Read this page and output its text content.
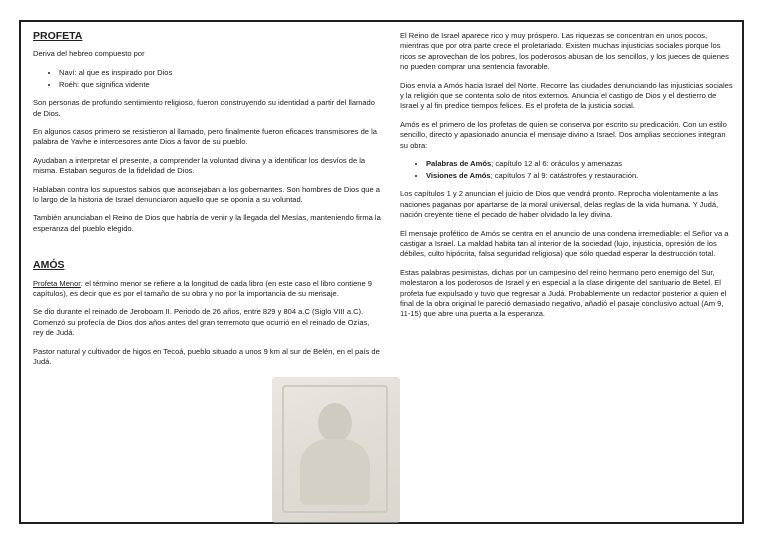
PROFETA

Deriva del hebreo compuesto por

• Naví: al que es inspirado por Dios
• Roéh: que significa vidente

Son personas de profundo sentimiento religioso, fueron construyendo su identidad a partir del llamado de Dios.

En algunos casos primero se resistieron al llamado, pero finalmente fueron eficaces transmisores de la palabra de Yavhe e intercesores ante Dios a favor de su pueblo.

Ayudaban a interpretar el presente, a comprender la voluntad divina y a identificar los desvíos de la misma. Estaban seguros de la fidelidad de Dios.

Hablaban contra los supuestos sabios que aconsejaban a los gobernantes. Son hombres de Dios que a lo largo de la historia de Israel denunciaron aquello que se oponía a su voluntad.

También anunciaban el Reino de Dios que habría de venir y la llegada del Mesías, manteniendo firma la esperanza del pueblo elegido.

AMÓS

Profeta Menor: el término menor se refiere a la longitud de cada libro (en este caso el libro contiene 9 capítulos), es decir que es por el tamaño de su obra y no por la importancia de su mensaje.

Se dio durante el reinado de Jeroboam II. Periodo de 26 años, entre 829 y 804 a.C (Siglo VIII a.C). Comenzó su profecía de Dios dos años antes del gran terremoto que ocurrió en el reinado de Ozías, rey de Judá.

Pastor natural y cultivador de higos en Tecoá, pueblo situado a unos 9 km al sur de Belén, en el país de Judá.

El Reino de Israel aparece rico y muy próspero. Las riquezas se concentran en unos pocos, mientras que por otra parte crece el proletariado. Existen muchas injusticias sociales porque los ricos se aprovechan de los pobres, los poderosos abusan de los sencillos, y los jueces de quienes no pueden comprar una sentencia favorable.

Dios envía a Amós hacia Israel del Norte. Recorre las ciudades denunciando las injusticias sociales y la religión que se contenta solo de ritos externos. Anuncia el castigo de Dios y el destierro de Israel y al fin predice tiempos felices. Es el profeta de la justicia social.

Amós es el primero de los profetas de quien se conserva por escrito su predicación. Con un estilo sencillo, directo y apasionado anuncia el mensaje divino a Israel. Dos amplias secciones integran su obra:

• Palabras de Amós; capítulo 12 al 6: oráculos y amenazas
• Visiones de Amós; capítulos 7 al 9: catástrofes y restauración.

Los capítulos 1 y 2 anuncian el juicio de Dios que vendrá pronto. Reprocha violentamente a las naciones paganas por apartarse de la moral universal, delas reglas de la vida humana. Y Judá, nación creyente tiene el pecado de haber olvidado la ley divina.

El mensaje profético de Amós se centra en el anuncio de una condena irremediable: el Señor va a castigar a Israel. La maldad habita tan al interior de la sociedad (lujo, injusticia, opresión de los débiles, culto hipócrita, falsa seguridad religiosa) que sólo quedad esperar la destrucción total.

Estas palabras pesimistas, dichas por un campesino del reino hermano pero enemigo del Sur, molestaron a los poderosos de Israel y en especial a la clase dirigente del santuario de Betel. El profeta fue expulsado y tuvo que regresar a Judá. Probablemente un redactor posterior a quien el final de la obra original le pareció demasiado negativo, añadió el pasaje conclusivo actual (Am 9, 11-15) que abre una puerta a la esperanza.
